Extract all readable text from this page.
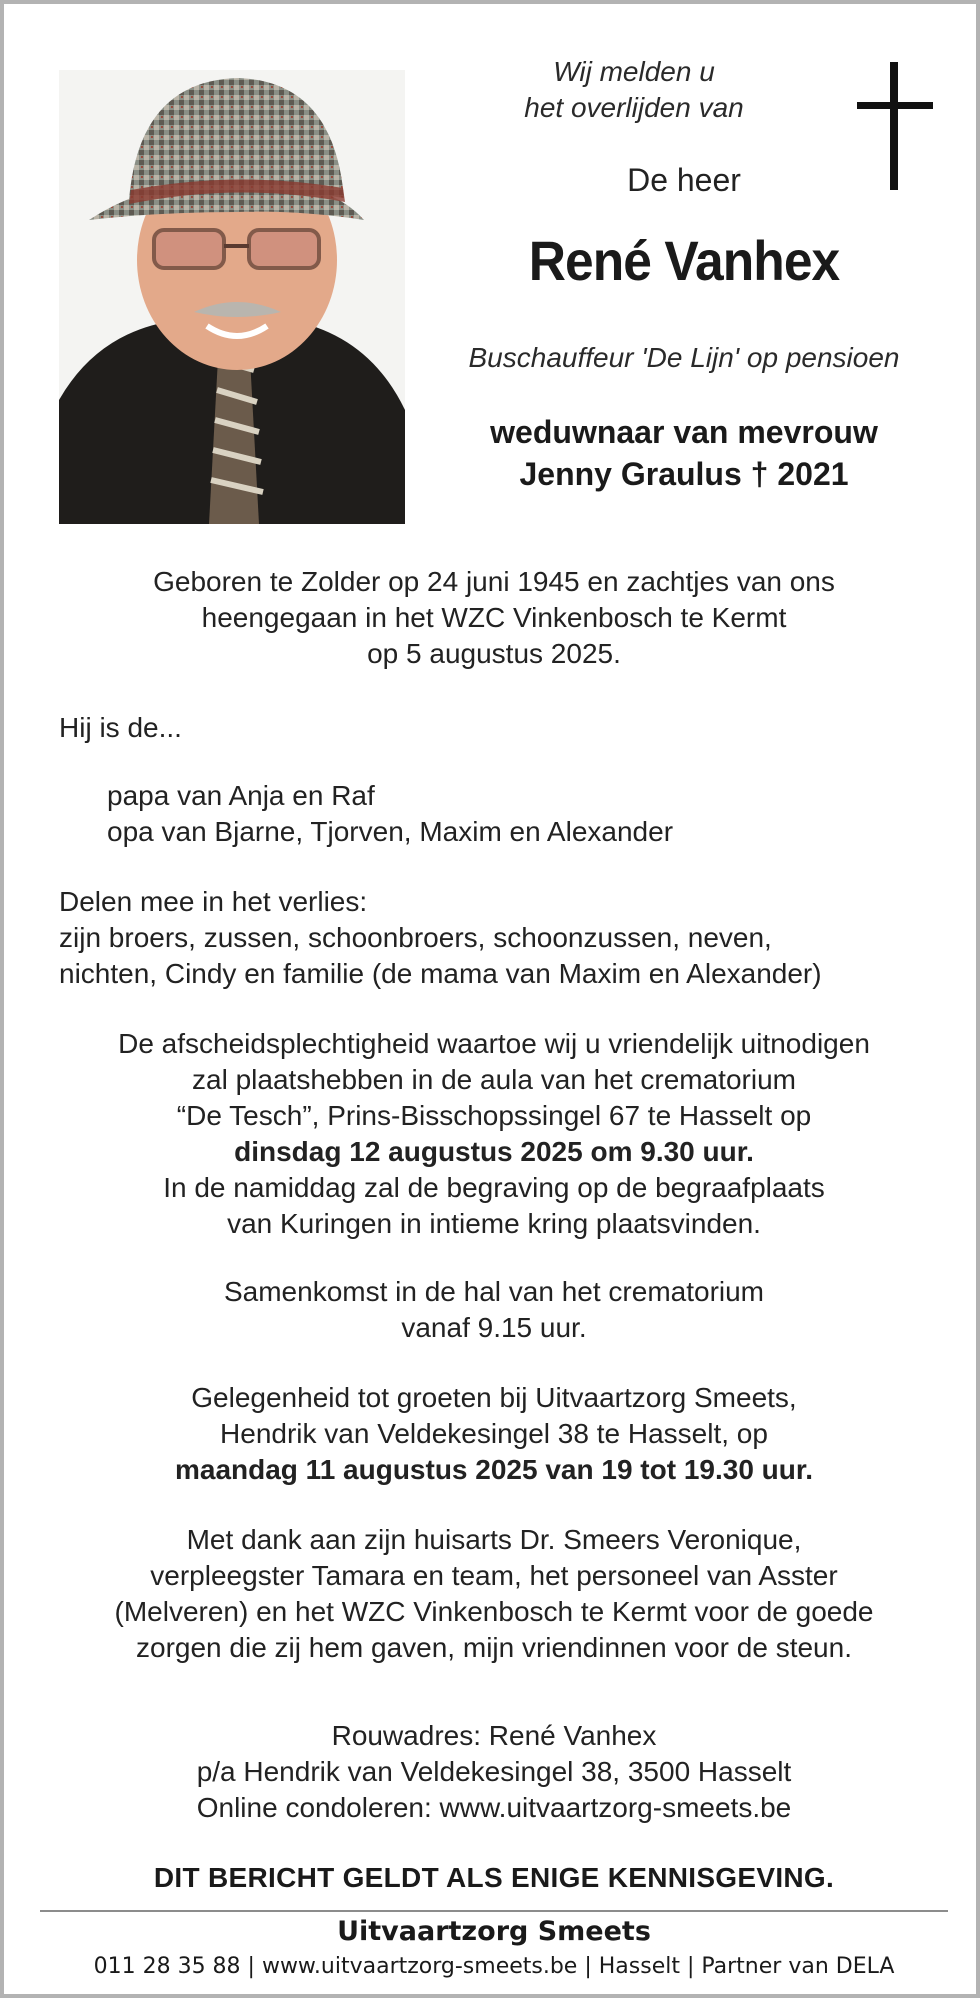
Wij melden u
het overlijden van
De heer
René Vanhex
Buschauffeur 'De Lijn' op pensioen
weduwnaar van mevrouw
Jenny Graulus † 2021
Geboren te Zolder op 24 juni 1945 en zachtjes van ons
heengegaan in het WZC Vinkenbosch te Kermt
op 5 augustus 2025.
Hij is de...
papa van Anja en Raf
opa van Bjarne, Tjorven, Maxim en Alexander
Delen mee in het verlies:
zijn broers, zussen, schoonbroers, schoonzussen, neven,
nichten, Cindy en familie (de mama van Maxim en Alexander)
De afscheidsplechtigheid waartoe wij u vriendelijk uitnodigen
zal plaatshebben in de aula van het crematorium
“De Tesch”, Prins-Bisschopssingel 67 te Hasselt op
dinsdag 12 augustus 2025 om 9.30 uur.
In de namiddag zal de begraving op de begraafplaats
van Kuringen in intieme kring plaatsvinden.
Samenkomst in de hal van het crematorium
vanaf 9.15 uur.
Gelegenheid tot groeten bij Uitvaartzorg Smeets,
Hendrik van Veldekesingel 38 te Hasselt, op
maandag 11 augustus 2025 van 19 tot 19.30 uur.
Met dank aan zijn huisarts Dr. Smeers Veronique,
verpleegster Tamara en team, het personeel van Asster
(Melveren) en het WZC Vinkenbosch te Kermt voor de goede
zorgen die zij hem gaven, mijn vriendinnen voor de steun.
Rouwadres: René Vanhex
p/a Hendrik van Veldekesingel 38, 3500 Hasselt
Online condoleren: www.uitvaartzorg-smeets.be
DIT BERICHT GELDT ALS ENIGE KENNISGEVING.
Uitvaartzorg Smeets
011 28 35 88 | www.uitvaartzorg-smeets.be | Hasselt | Partner van DELA
